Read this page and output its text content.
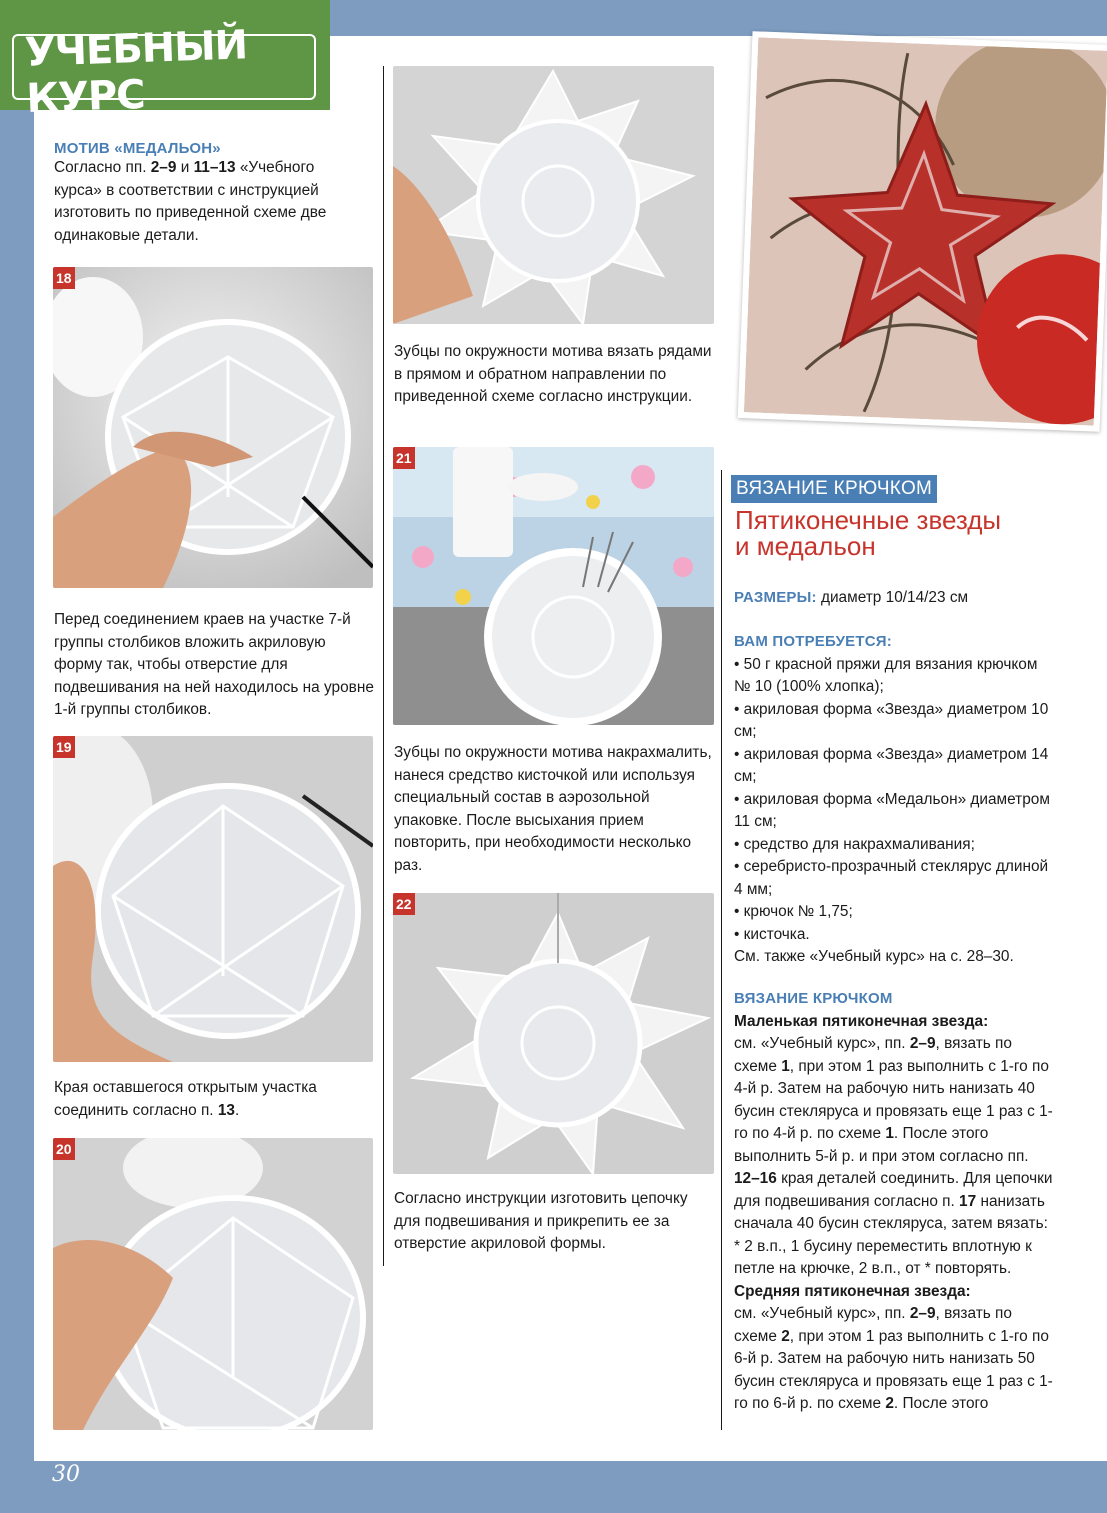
30
УЧЕБНЫЙ КУРС
МОТИВ «МЕДАЛЬОН»
Согласно пп. 2–9 и 11–13 «Учебного курса» в соответствии с инструкцией изготовить по приведенной схеме две одинаковые детали.
18
Перед соединением краев на участке 7-й группы столбиков вложить акриловую форму так, чтобы отверстие для подвешивания на ней находилось на уровне 1-й группы столбиков.
19
Края оставшегося открытым участка соединить согласно п. 13.
20
Зубцы по окружности мотива вязать рядами в прямом и обратном направлении по приведенной схеме согласно инструкции.
21
Зубцы по окружности мотива накрахмалить, нанеся средство кисточкой или используя специальный состав в аэрозольной упаковке. После высыхания прием повторить, при необходимости несколько раз.
22
Согласно инструкции изготовить цепочку для подвешивания и прикрепить ее за отверстие акриловой формы.
ВЯЗАНИЕ КРЮЧКОМ
Пятиконечные звезды
и медальон
РАЗМЕРЫ: диаметр 10/14/23 см
ВАМ ПОТРЕБУЕТСЯ:
• 50 г красной пряжи для вязания крючком № 10 (100% хлопка);
• акриловая форма «Звезда» диаметром 10 см;
• акриловая форма «Звезда» диаметром 14 см;
• акриловая форма «Медальон» диаметром 11 см;
• средство для накрахмаливания;
• серебристо-прозрачный стеклярус длиной 4 мм;
• крючок № 1,75;
• кисточка.
См. также «Учебный курс» на с. 28–30.
ВЯЗАНИЕ КРЮЧКОМ
Маленькая пятиконечная звезда:
см. «Учебный курс», пп. 2–9, вязать по схеме 1, при этом 1 раз выполнить с 1-го по 4-й р. Затем на рабочую нить нанизать 40 бусин стекляруса и провязать еще 1 раз с 1-го по 4-й р. по схеме 1. После этого выполнить 5-й р. и при этом согласно пп. 12–16 края деталей соединить. Для цепочки для подвешивания согласно п. 17 нанизать сначала 40 бусин стекляруса, затем вязать: * 2 в.п., 1 бусину переместить вплотную к петле на крючке, 2 в.п., от * повторять.
Средняя пятиконечная звезда:
см. «Учебный курс», пп. 2–9, вязать по схеме 2, при этом 1 раз выполнить с 1-го по 6-й р. Затем на рабочую нить нанизать 50 бусин стекляруса и провязать еще 1 раз с 1-го по 6-й р. по схеме 2. После этого
